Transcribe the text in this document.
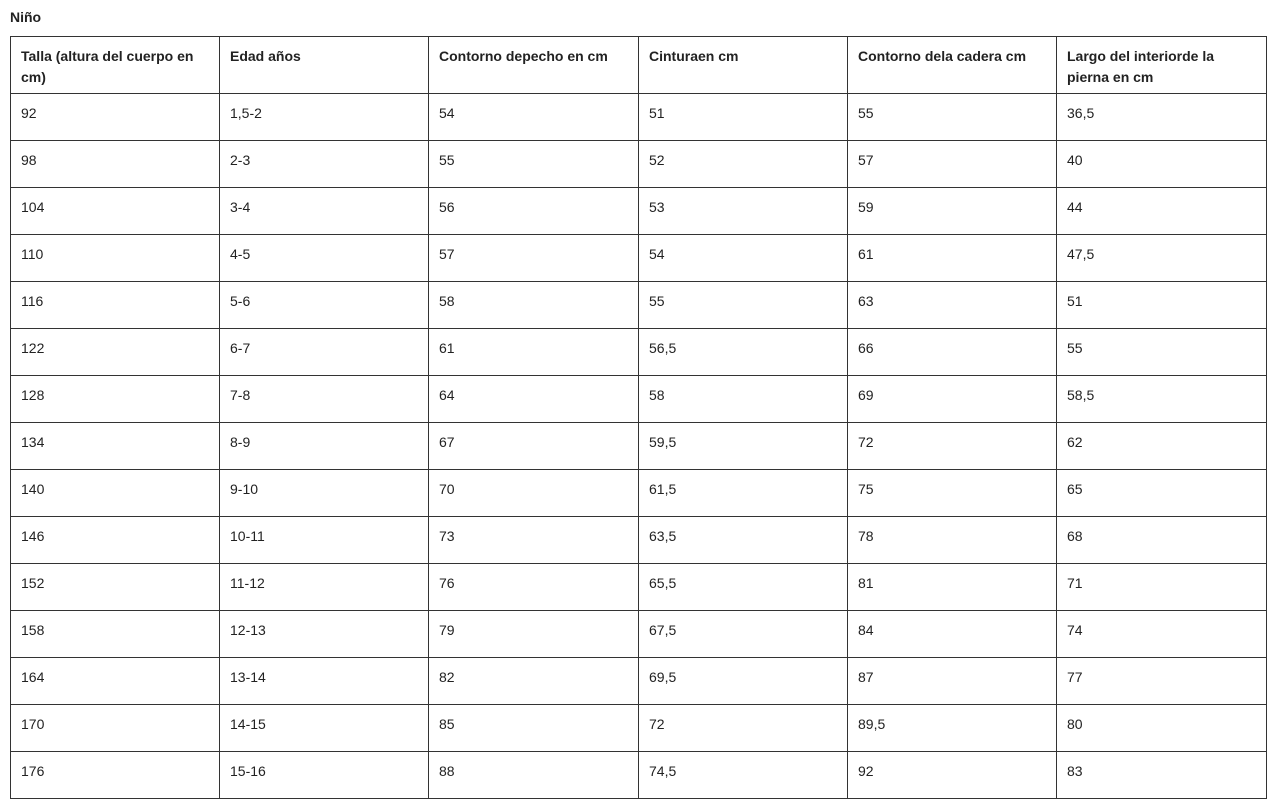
Niño
Talla (altura del cuerpo en cm)	Edad años	Contorno depecho en cm	Cinturaen cm	Contorno dela cadera cm	Largo del interiorde la pierna en cm
92	1,5-2	54	51	55	36,5
98	2-3	55	52	57	40
104	3-4	56	53	59	44
110	4-5	57	54	61	47,5
116	5-6	58	55	63	51
122	6-7	61	56,5	66	55
128	7-8	64	58	69	58,5
134	8-9	67	59,5	72	62
140	9-10	70	61,5	75	65
146	10-11	73	63,5	78	68
152	11-12	76	65,5	81	71
158	12-13	79	67,5	84	74
164	13-14	82	69,5	87	77
170	14-15	85	72	89,5	80
176	15-16	88	74,5	92	83
